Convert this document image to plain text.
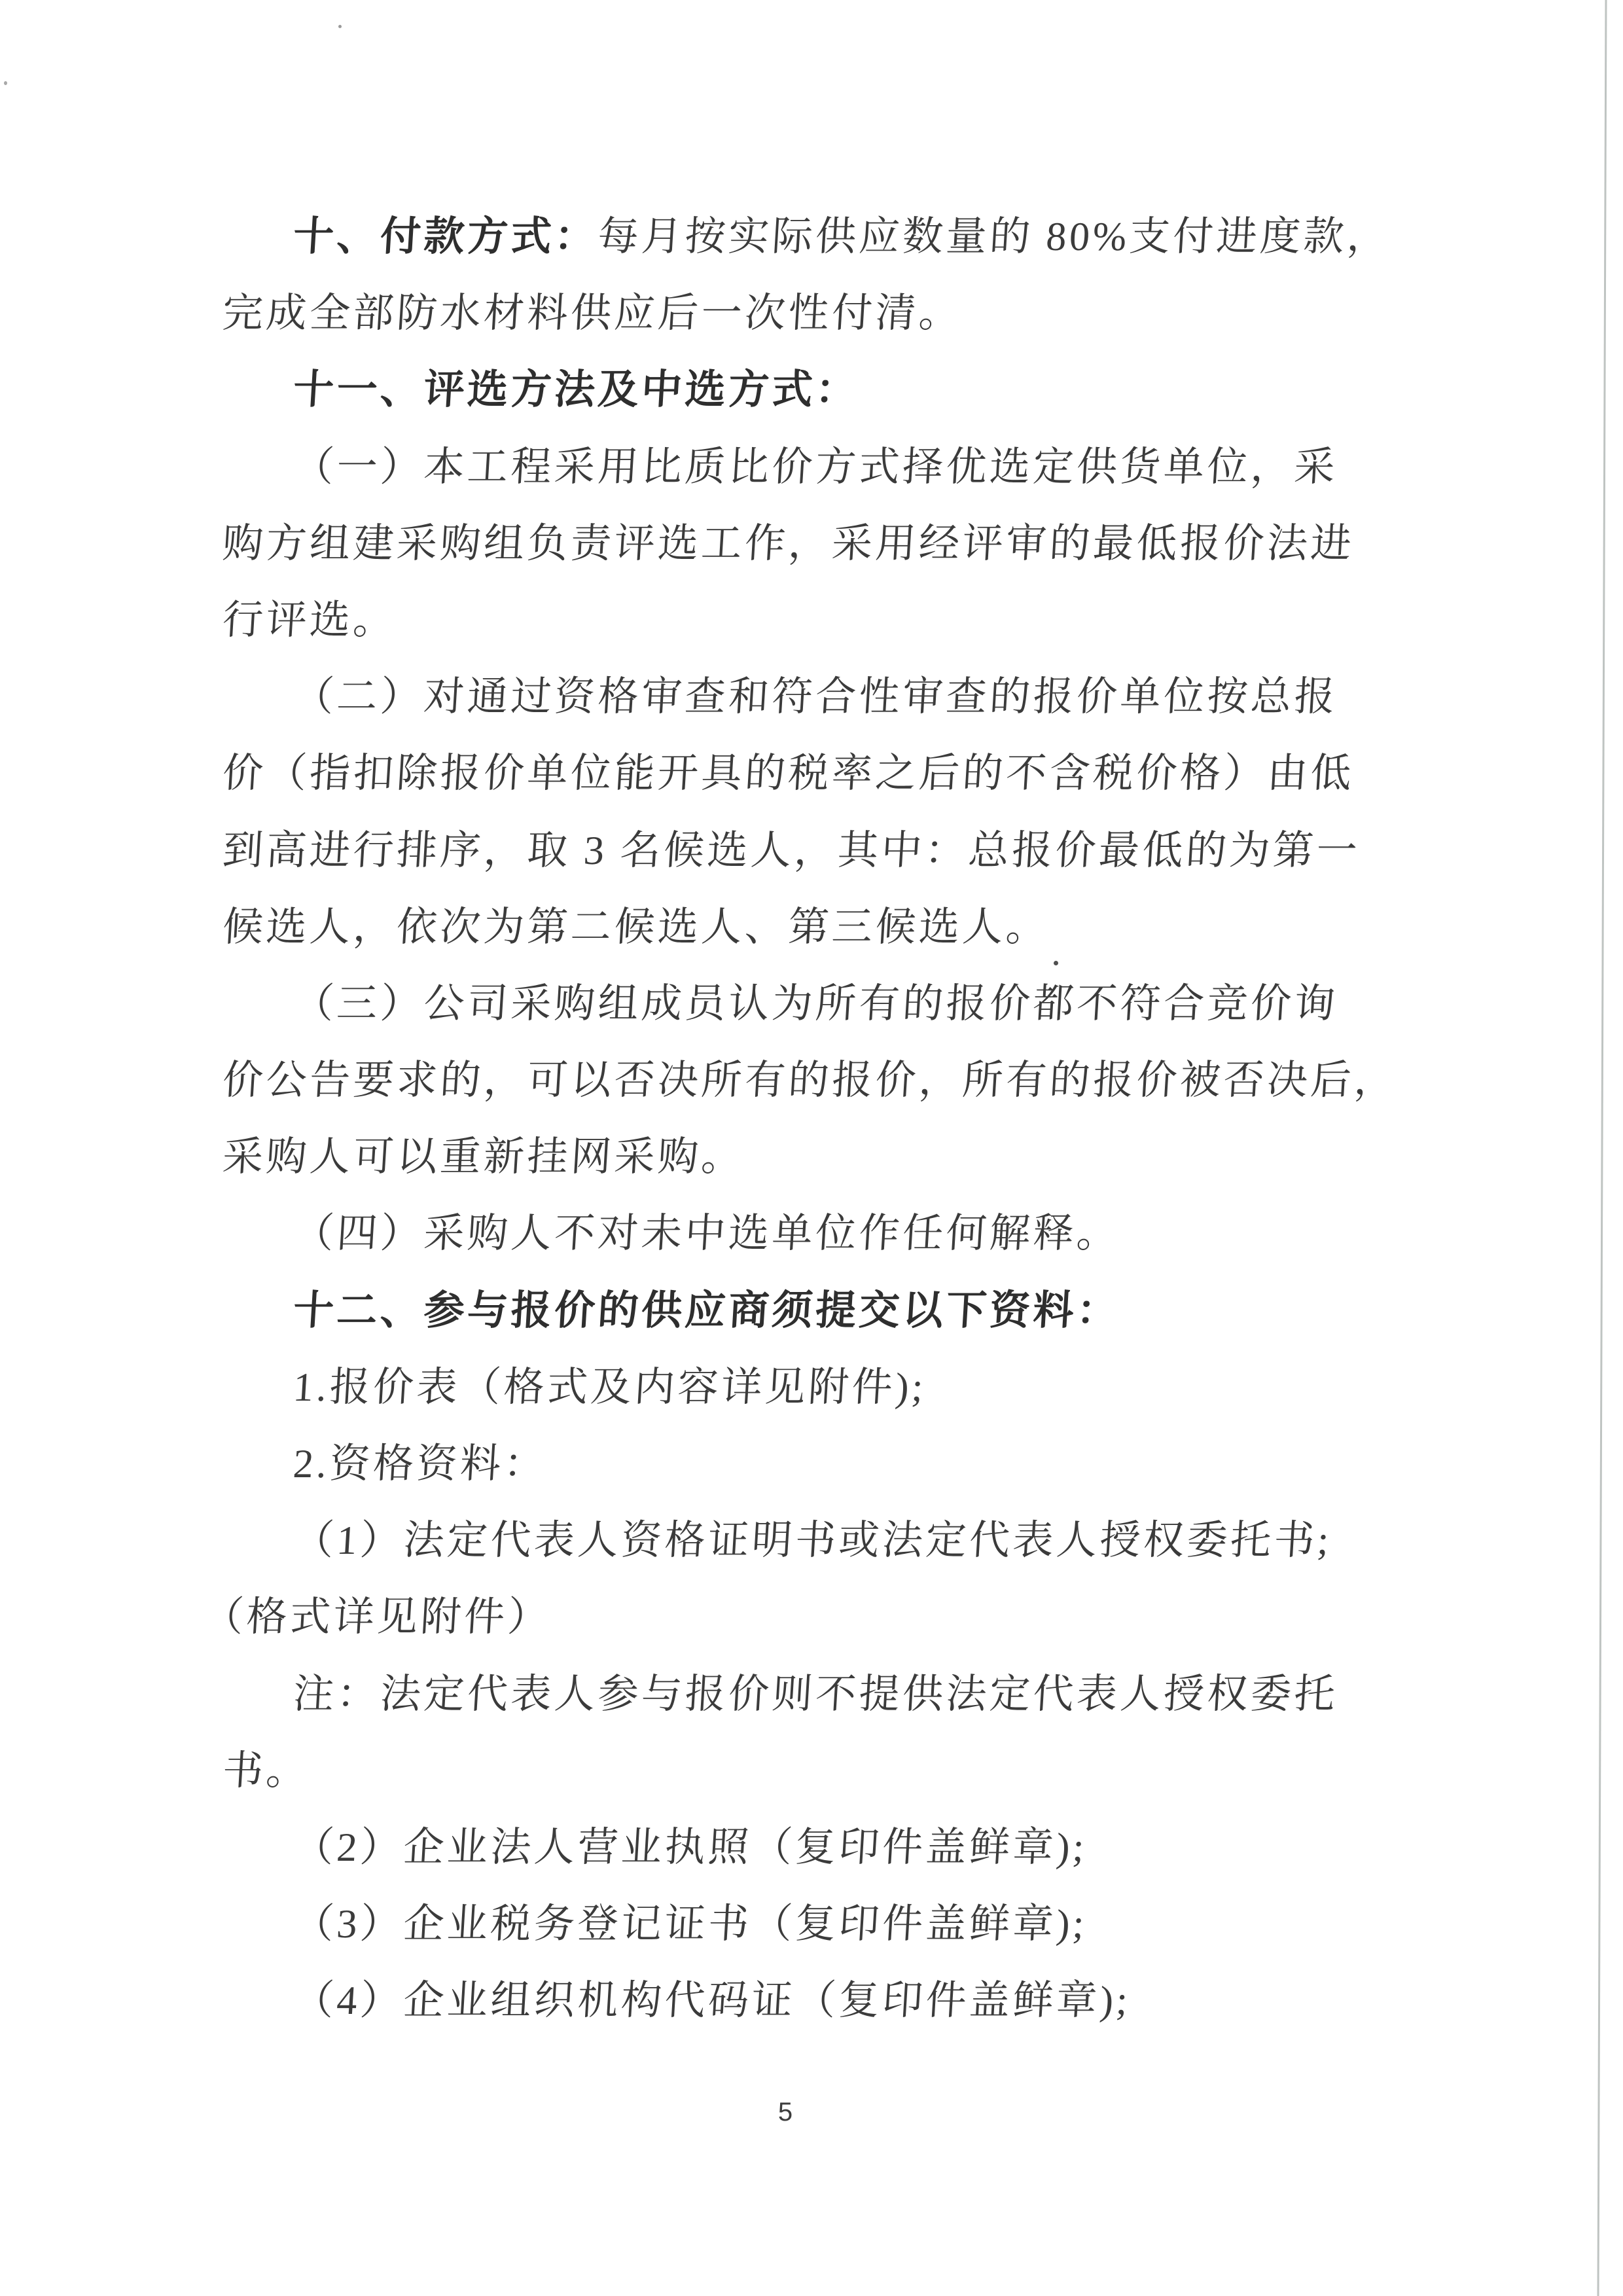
十、付款方式：每月按实际供应数量的 80%支付进度款，
完成全部防水材料供应后一次性付清。
十一、评选方法及中选方式：
（一）本工程采用比质比价方式择优选定供货单位，采
购方组建采购组负责评选工作，采用经评审的最低报价法进
行评选。
（二）对通过资格审查和符合性审查的报价单位按总报
价（指扣除报价单位能开具的税率之后的不含税价格）由低
到高进行排序，取 3 名候选人，其中：总报价最低的为第一
候选人，依次为第二候选人、第三候选人。
（三）公司采购组成员认为所有的报价都不符合竞价询
价公告要求的，可以否决所有的报价，所有的报价被否决后，
采购人可以重新挂网采购。
（四）采购人不对未中选单位作任何解释。
十二、参与报价的供应商须提交以下资料：
1.报价表（格式及内容详见附件);
2.资格资料：
（1）法定代表人资格证明书或法定代表人授权委托书;
（格式详见附件）
注：法定代表人参与报价则不提供法定代表人授权委托
书。
（2）企业法人营业执照（复印件盖鲜章);
（3）企业税务登记证书（复印件盖鲜章);
（4）企业组织机构代码证（复印件盖鲜章);
5
